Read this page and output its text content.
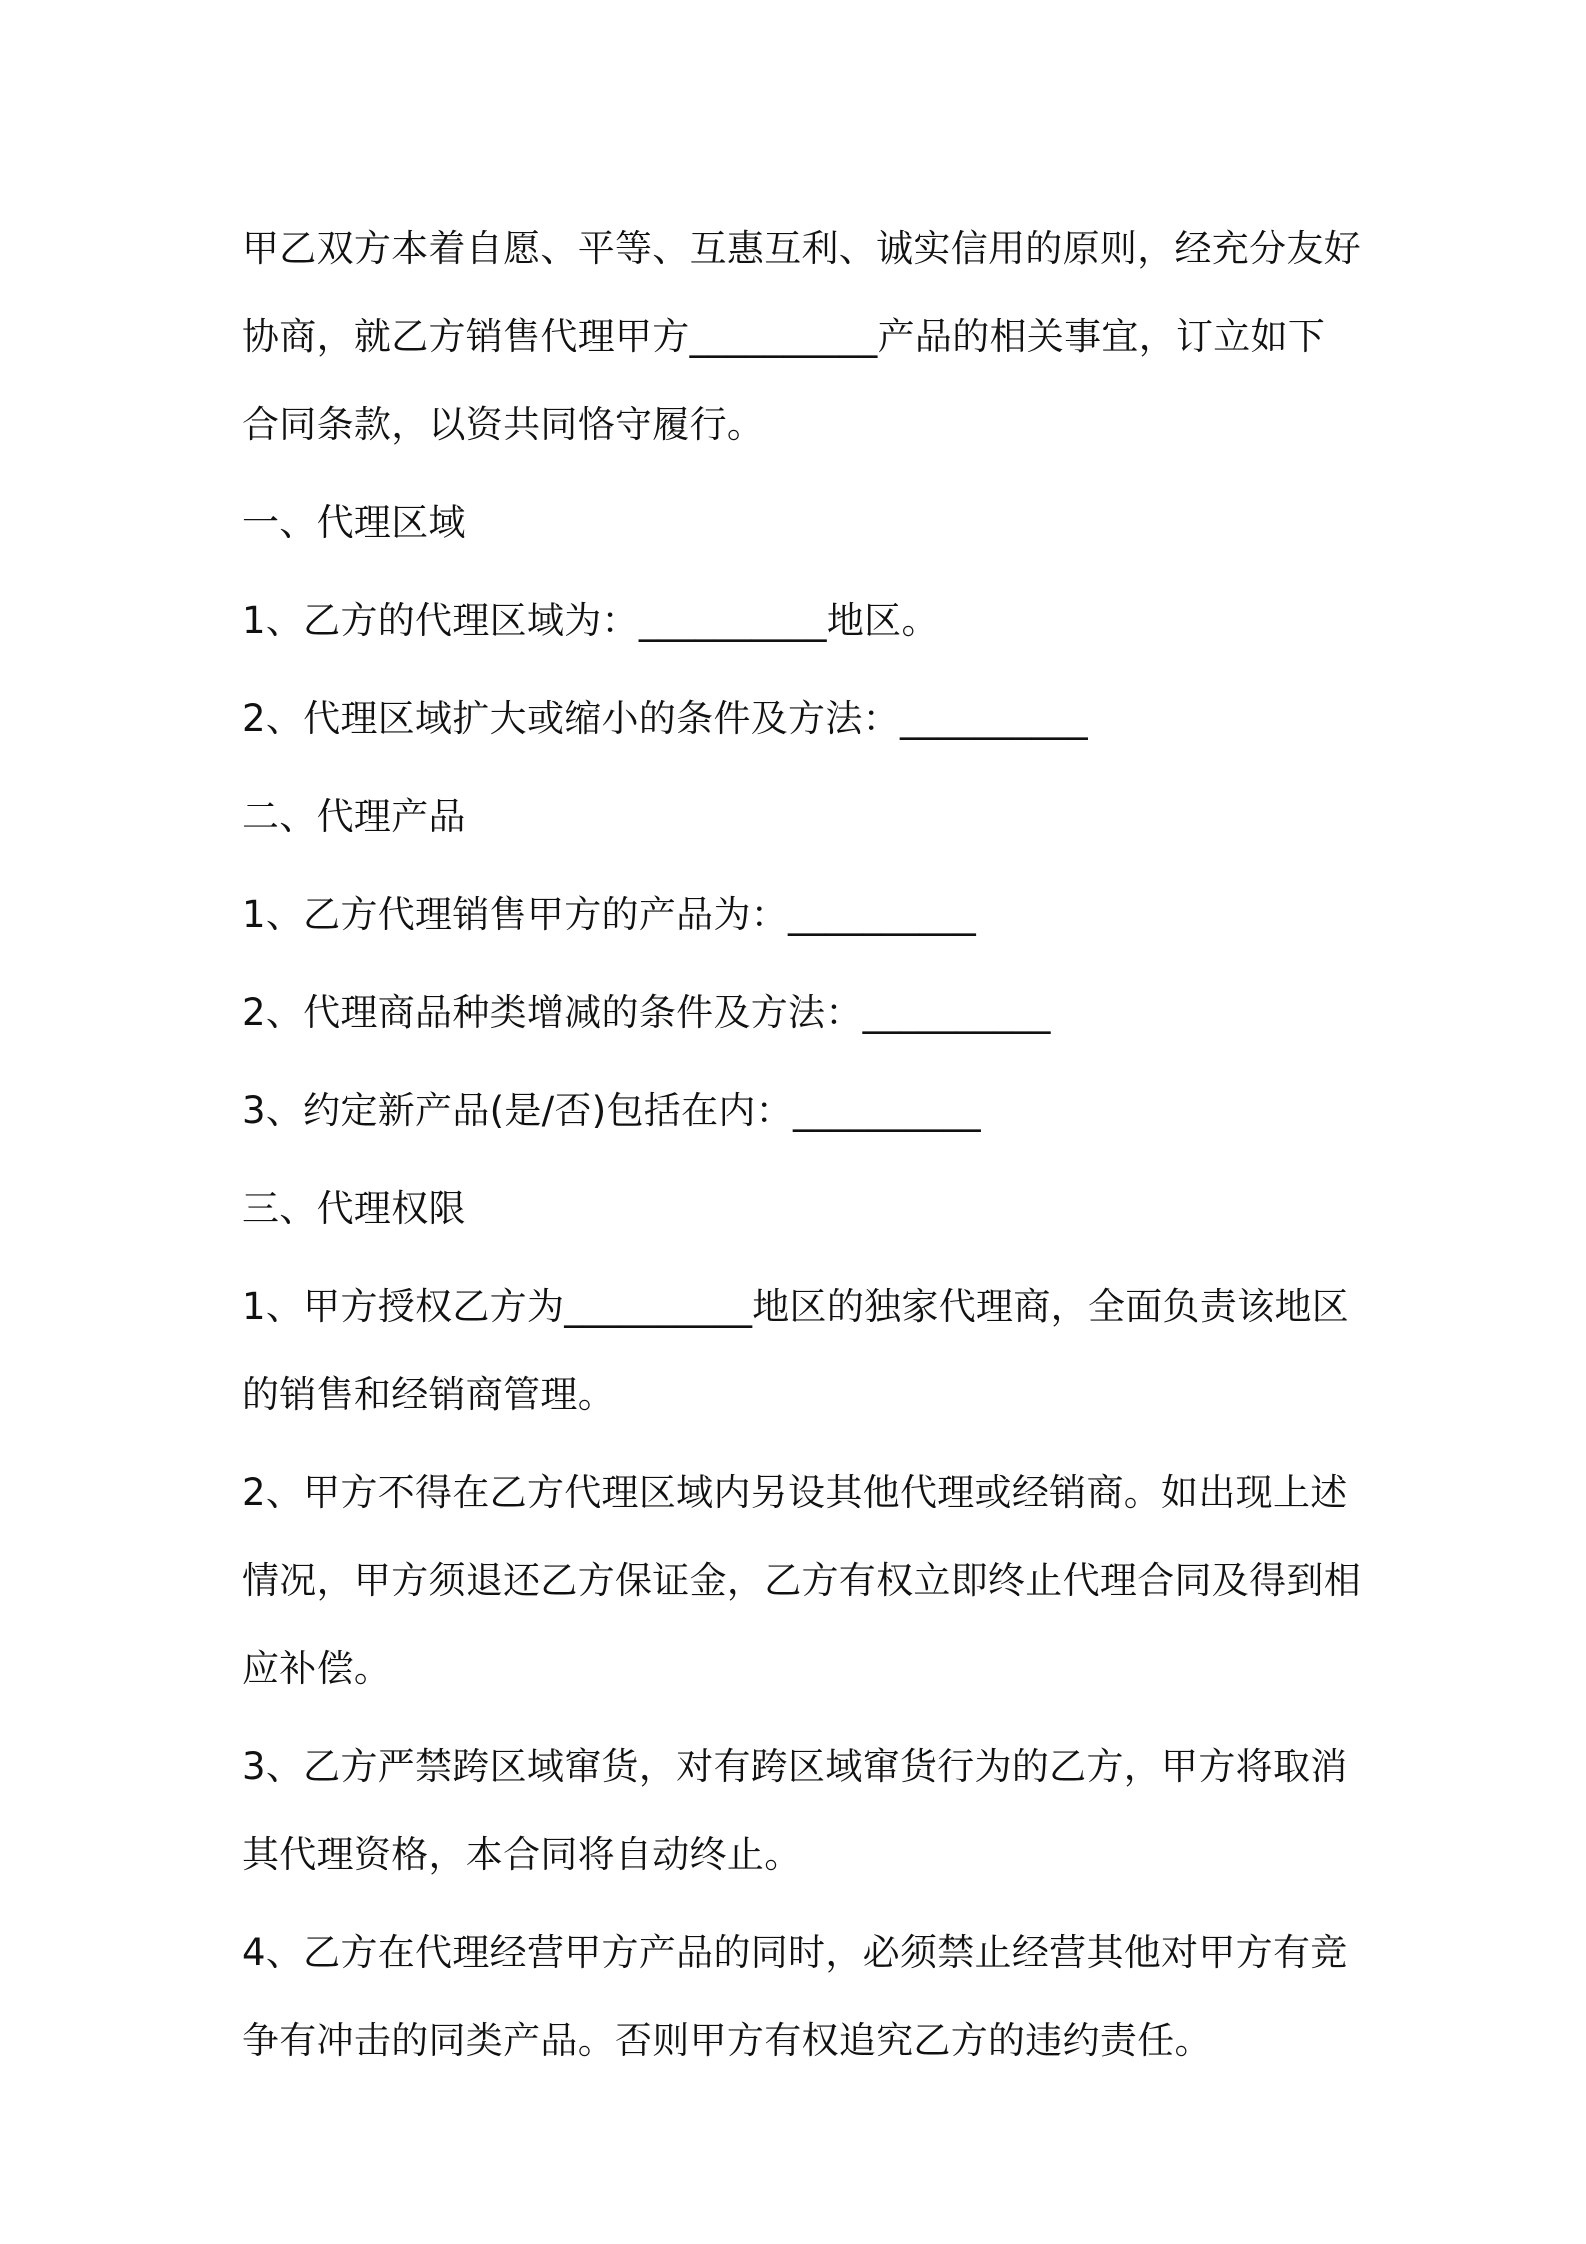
甲乙双方本着自愿、平等、互惠互利、诚实信用的原则，经充分友好协商，就乙方销售代理甲方__________产品的相关事宜，订立如下合同条款，以资共同恪守履行。

一、代理区域

1、乙方的代理区域为：__________地区。

2、代理区域扩大或缩小的条件及方法：__________

二、代理产品

1、乙方代理销售甲方的产品为：__________

2、代理商品种类增减的条件及方法：__________

3、约定新产品(是/否)包括在内：__________

三、代理权限

1、甲方授权乙方为__________地区的独家代理商，全面负责该地区的销售和经销商管理。

2、甲方不得在乙方代理区域内另设其他代理或经销商。如出现上述情况，甲方须退还乙方保证金，乙方有权立即终止代理合同及得到相应补偿。

3、乙方严禁跨区域窜货，对有跨区域窜货行为的乙方，甲方将取消其代理资格，本合同将自动终止。

4、乙方在代理经营甲方产品的同时，必须禁止经营其他对甲方有竞争有冲击的同类产品。否则甲方有权追究乙方的违约责任。
